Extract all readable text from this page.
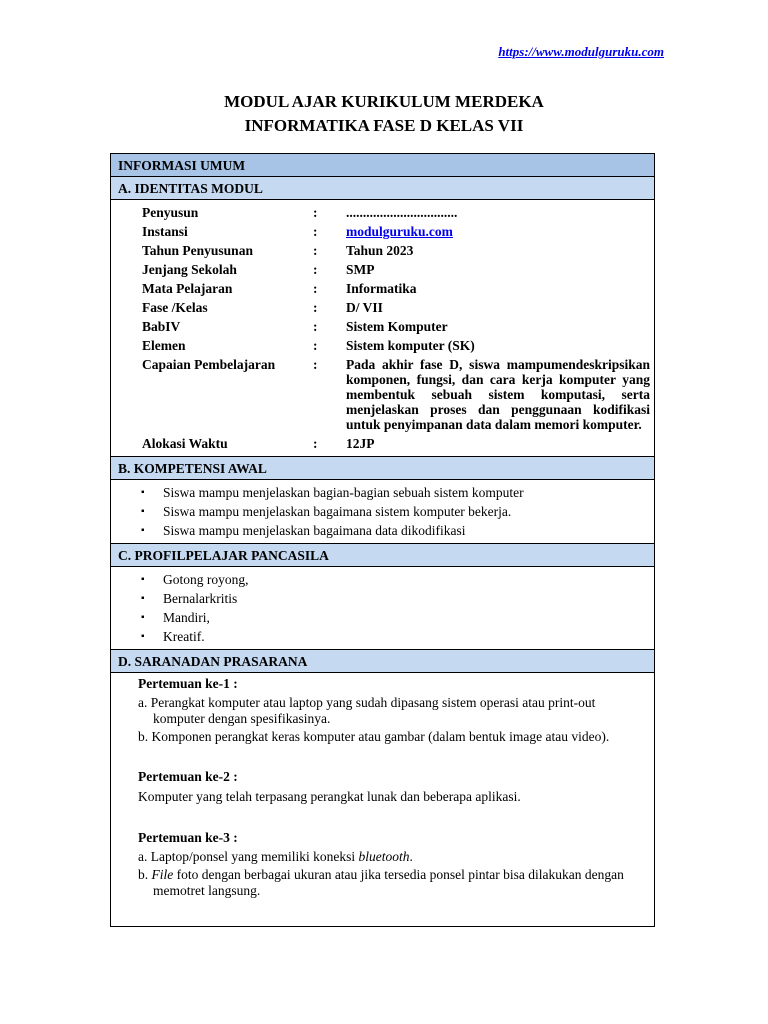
https://www.modulguruku.com
MODUL AJAR KURIKULUM MERDEKA
INFORMATIKA FASE D KELAS VII
INFORMASI UMUM
A. IDENTITAS MODUL
Penyusun	:	.................................
Instansi	:	modulguruku.com
Tahun Penyusunan	:	Tahun 2023
Jenjang Sekolah	:	SMP
Mata Pelajaran	:	Informatika
Fase /Kelas	:	D/ VII
BabIV	:	Sistem Komputer
Elemen	:	Sistem komputer (SK)
Capaian Pembelajaran	:	Pada akhir fase D, siswa mampumendeskripsikan komponen, fungsi, dan cara kerja komputer yang membentuk sebuah sistem komputasi, serta menjelaskan proses dan penggunaan kodifikasi untuk penyimpanan data dalam memori komputer.
Alokasi Waktu	:	12JP
B. KOMPETENSI AWAL
▪ Siswa mampu menjelaskan bagian-bagian sebuah sistem komputer
▪ Siswa mampu menjelaskan bagaimana sistem komputer bekerja.
▪ Siswa mampu menjelaskan bagaimana data dikodifikasi
C. PROFILPELAJAR PANCASILA
▪ Gotong royong,
▪ Bernalarkritis
▪ Mandiri,
▪ Kreatif.
D. SARANADAN PRASARANA
Pertemuan ke-1 :
a. Perangkat komputer atau laptop yang sudah dipasang sistem operasi atau print-out komputer dengan spesifikasinya.
b. Komponen perangkat keras komputer atau gambar (dalam bentuk image atau video).
Pertemuan ke-2 :
Komputer yang telah terpasang perangkat lunak dan beberapa aplikasi.
Pertemuan ke-3 :
a. Laptop/ponsel yang memiliki koneksi bluetooth.
b. File foto dengan berbagai ukuran atau jika tersedia ponsel pintar bisa dilakukan dengan memotret langsung.
